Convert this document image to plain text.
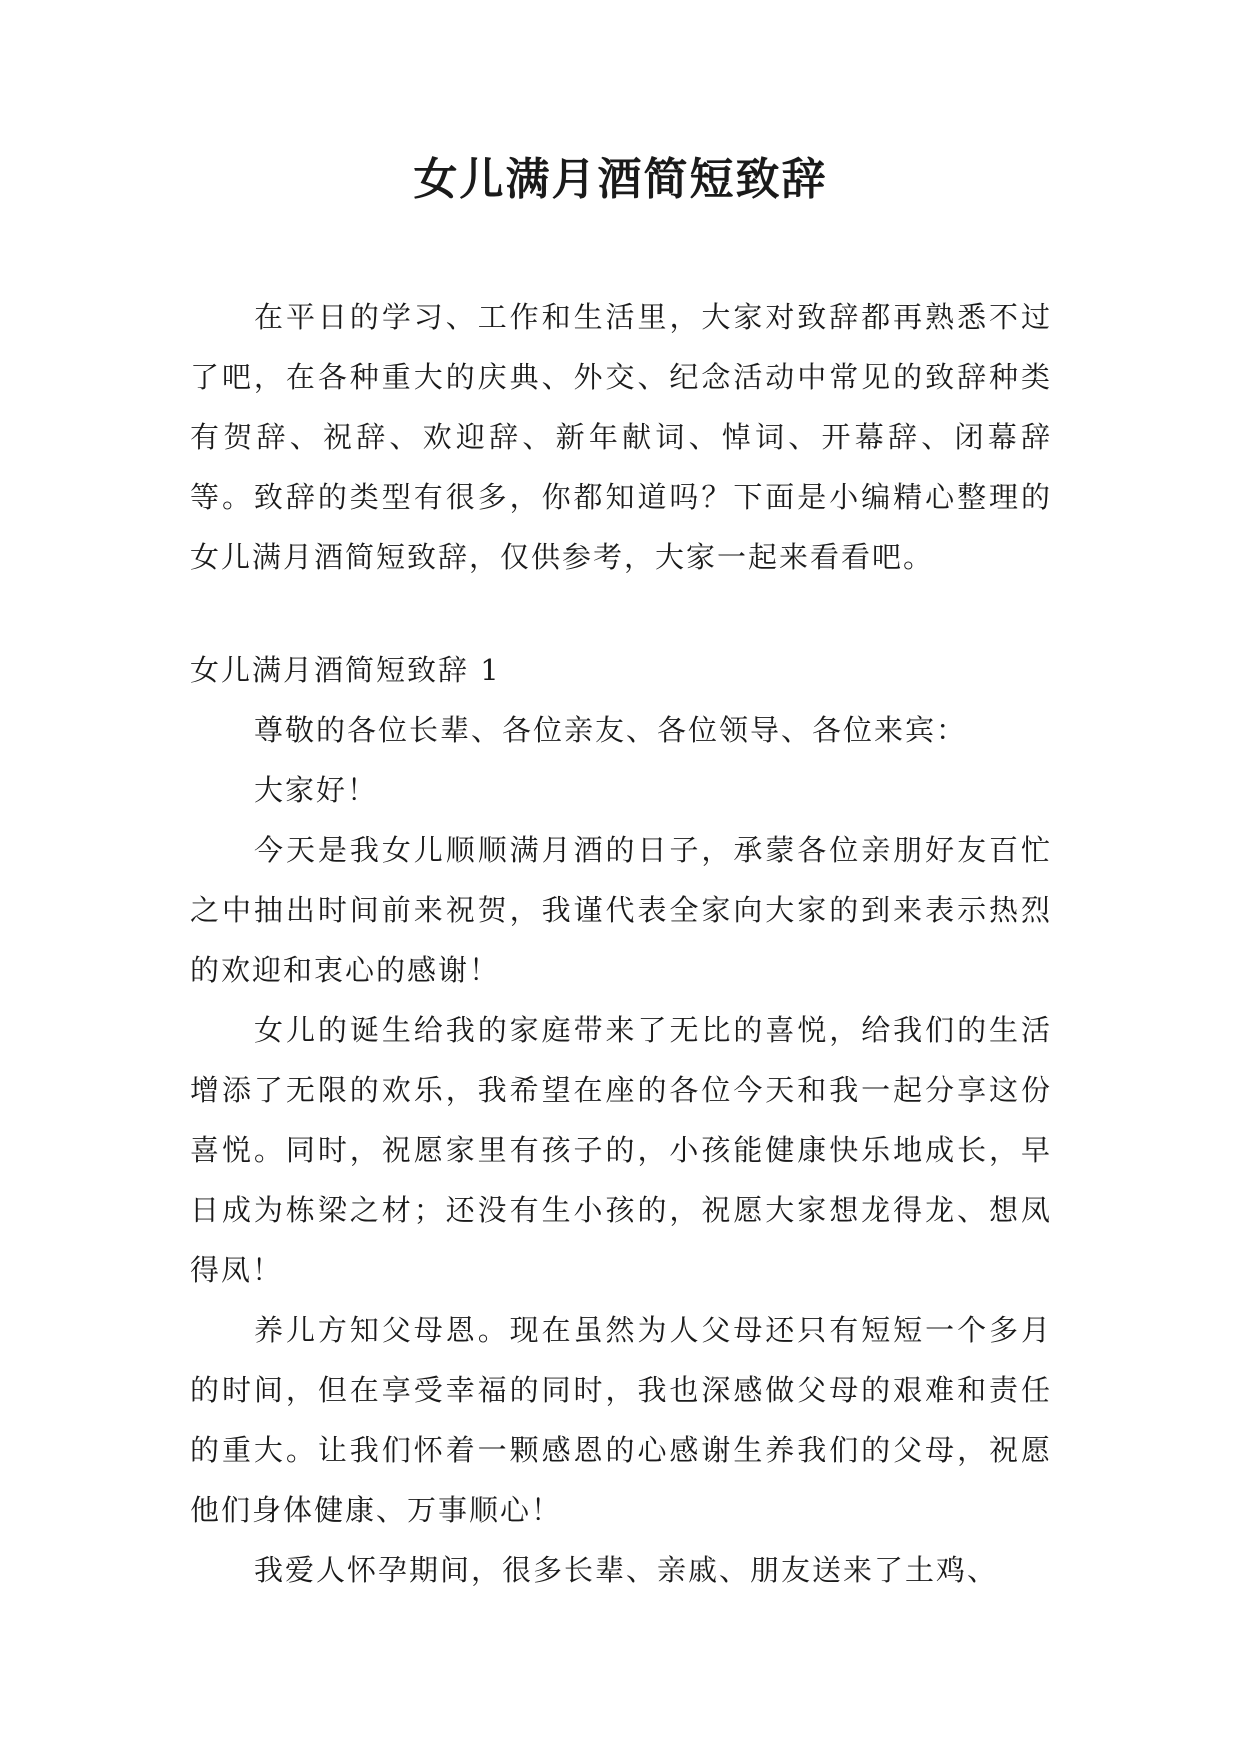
女儿满月酒简短致辞

在平日的学习、工作和生活里，大家对致辞都再熟悉不过了吧，在各种重大的庆典、外交、纪念活动中常见的致辞种类有贺辞、祝辞、欢迎辞、新年献词、悼词、开幕辞、闭幕辞等。致辞的类型有很多，你都知道吗？下面是小编精心整理的女儿满月酒简短致辞，仅供参考，大家一起来看看吧。

女儿满月酒简短致辞 1

尊敬的各位长辈、各位亲友、各位领导、各位来宾：

大家好！

今天是我女儿顺顺满月酒的日子，承蒙各位亲朋好友百忙之中抽出时间前来祝贺，我谨代表全家向大家的到来表示热烈的欢迎和衷心的感谢！

女儿的诞生给我的家庭带来了无比的喜悦，给我们的生活增添了无限的欢乐，我希望在座的各位今天和我一起分享这份喜悦。同时，祝愿家里有孩子的，小孩能健康快乐地成长，早日成为栋梁之材；还没有生小孩的，祝愿大家想龙得龙、想凤得凤！

养儿方知父母恩。现在虽然为人父母还只有短短一个多月的时间，但在享受幸福的同时，我也深感做父母的艰难和责任的重大。让我们怀着一颗感恩的心感谢生养我们的父母，祝愿他们身体健康、万事顺心！

我爱人怀孕期间，很多长辈、亲戚、朋友送来了土鸡、
